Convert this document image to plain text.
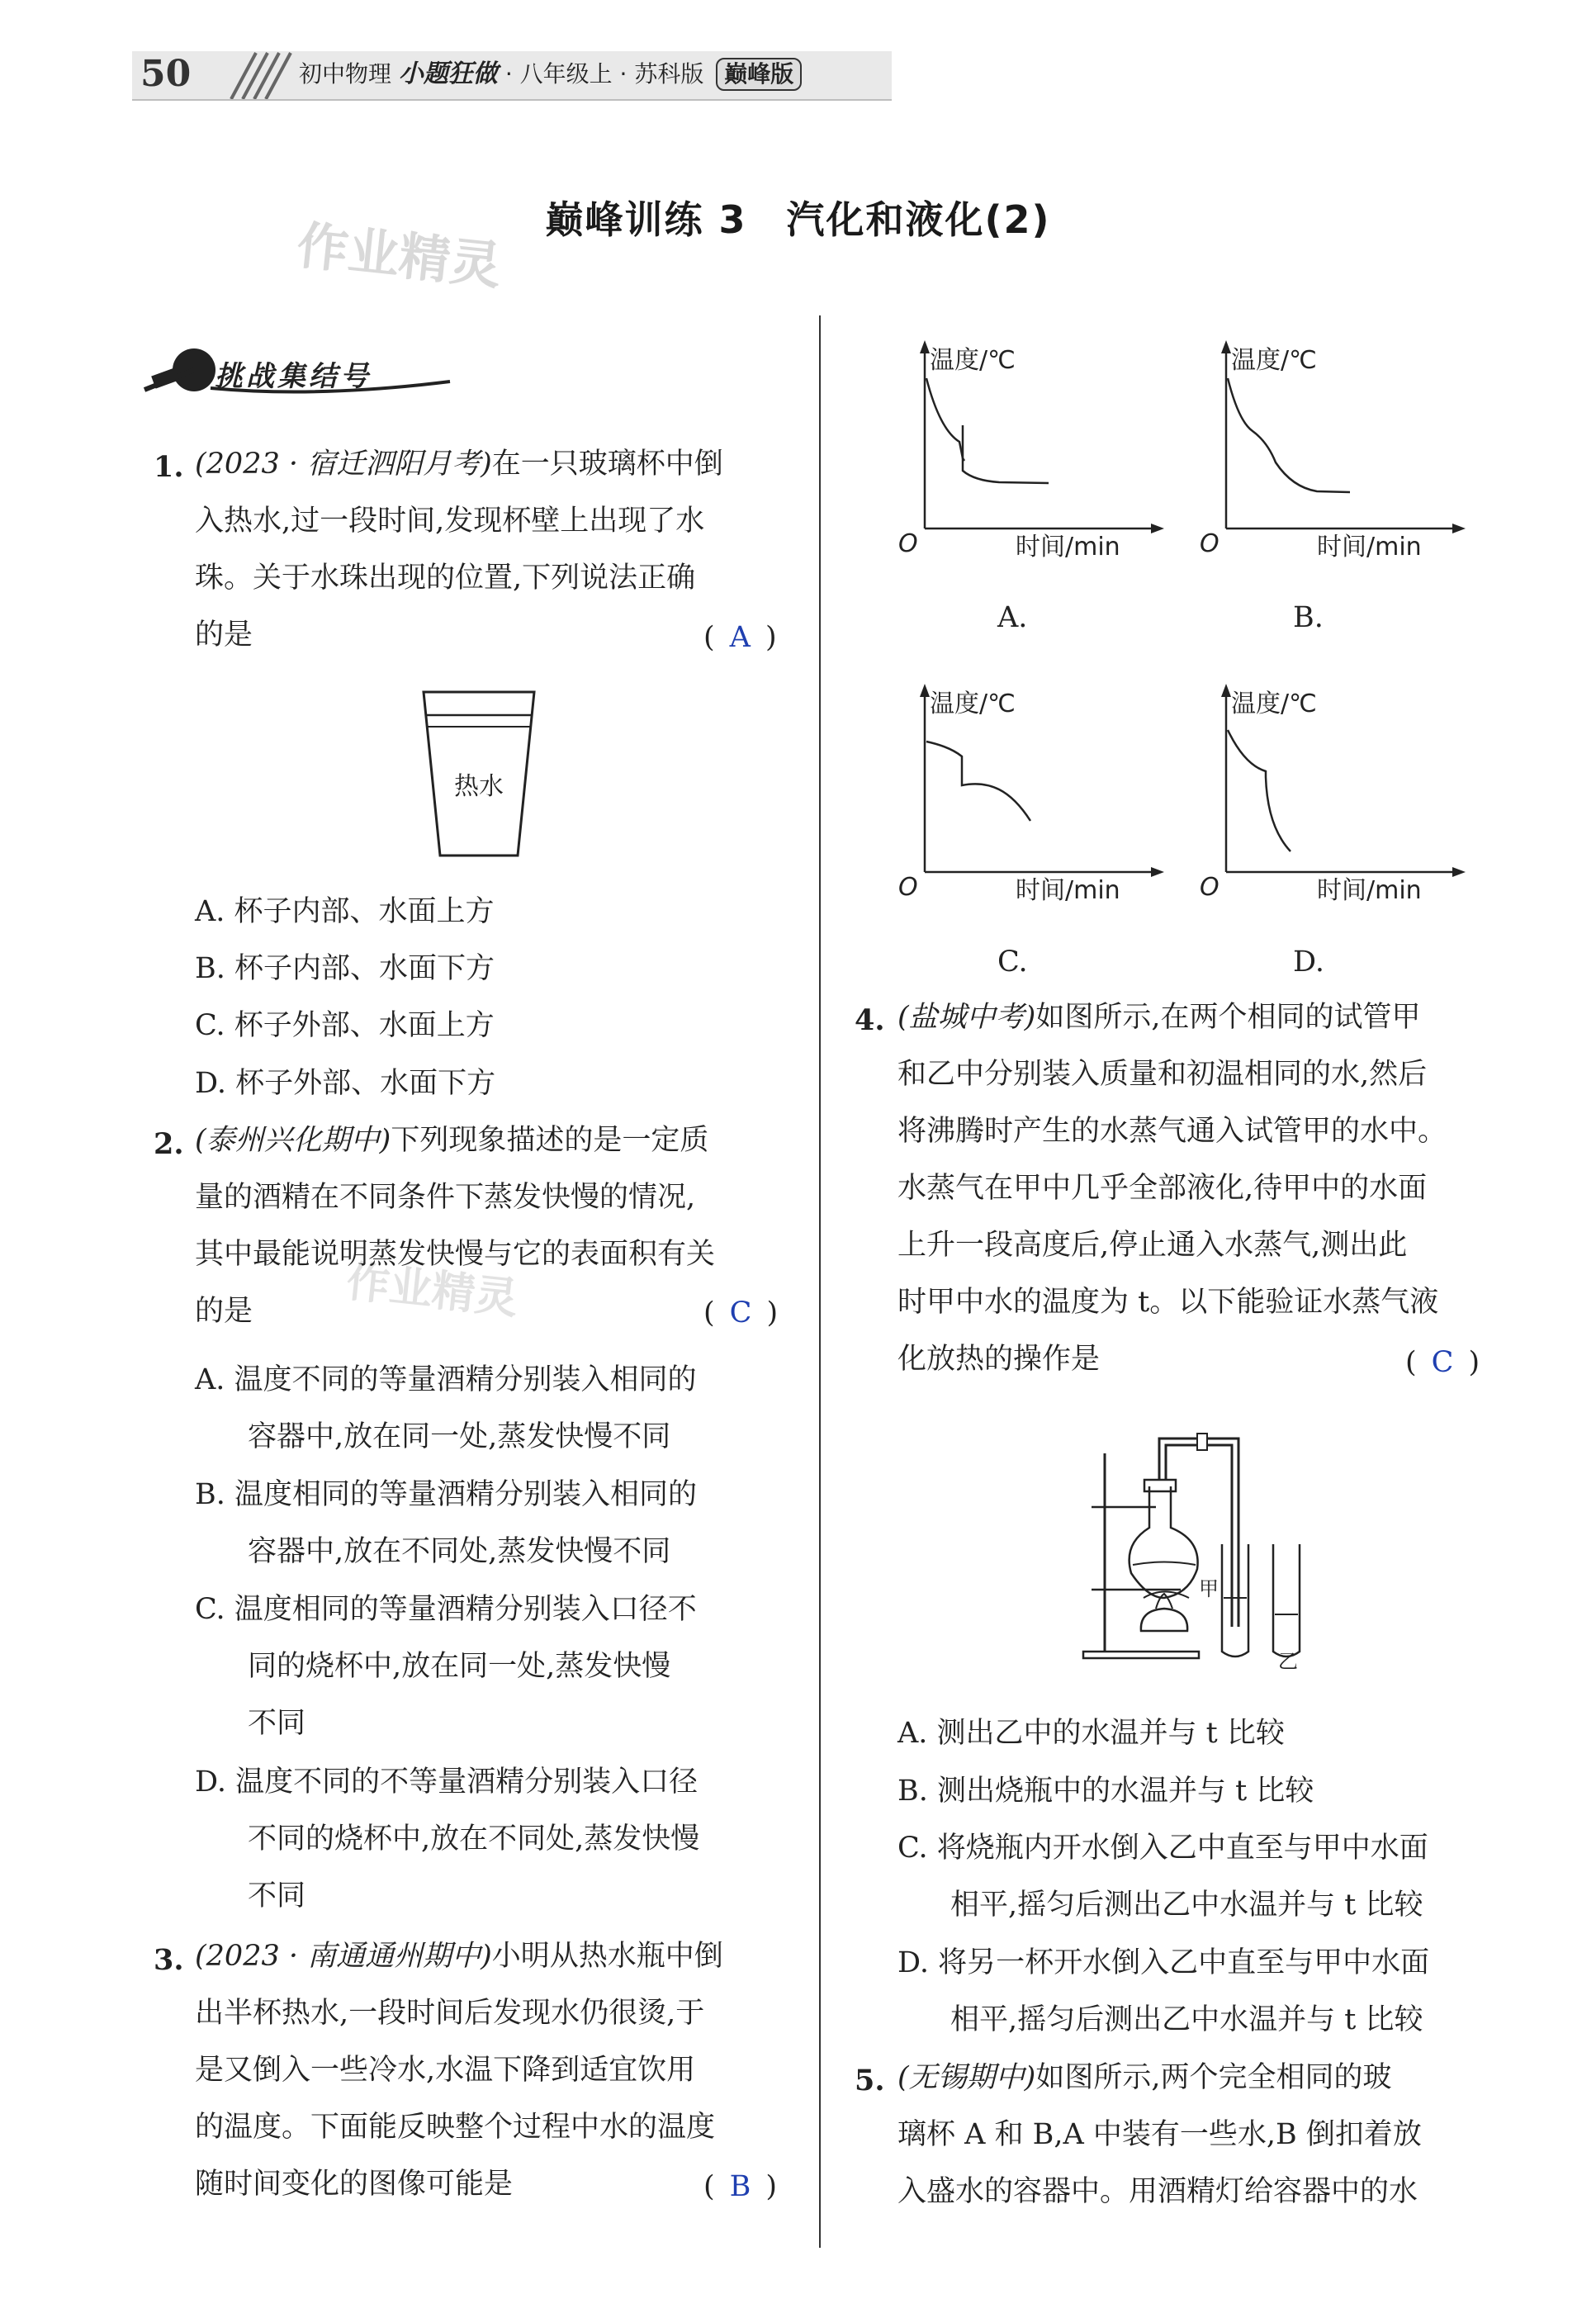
50	初中物理 小题狂做 · 八年级上 · 苏科版 巅峰版
巅峰训练 3　汽化和液化(2)
作业精灵
作业精灵
挑战集结号
1. (2023 · 宿迁泗阳月考)在一只玻璃杯中倒
入热水,过一段时间,发现杯壁上出现了水
珠。关于水珠出现的位置,下列说法正确
的是	( A )
热水
A. 杯子内部、水面上方
B. 杯子内部、水面下方
C. 杯子外部、水面上方
D. 杯子外部、水面下方
2. (泰州兴化期中)下列现象描述的是一定质
量的酒精在不同条件下蒸发快慢的情况,
其中最能说明蒸发快慢与它的表面积有关
的是	( C )
A. 温度不同的等量酒精分别装入相同的
容器中,放在同一处,蒸发快慢不同
B. 温度相同的等量酒精分别装入相同的
容器中,放在不同处,蒸发快慢不同
C. 温度相同的等量酒精分别装入口径不
同的烧杯中,放在同一处,蒸发快慢
不同
D. 温度不同的不等量酒精分别装入口径
不同的烧杯中,放在不同处,蒸发快慢
不同
3. (2023 · 南通通州期中)小明从热水瓶中倒
出半杯热水,一段时间后发现水仍很烫,于
是又倒入一些冷水,水温下降到适宜饮用
的温度。下面能反映整个过程中水的温度
随时间变化的图像可能是	( B )
温度/℃
O	时间/min
A.
温度/℃
O	时间/min
B.
温度/℃
O	时间/min
C.
温度/℃
O	时间/min
D.
4. (盐城中考)如图所示,在两个相同的试管甲
和乙中分别装入质量和初温相同的水,然后
将沸腾时产生的水蒸气通入试管甲的水中。
水蒸气在甲中几乎全部液化,待甲中的水面
上升一段高度后,停止通入水蒸气,测出此
时甲中水的温度为 t。以下能验证水蒸气液
化放热的操作是	( C )
甲
乙
A. 测出乙中的水温并与 t 比较
B. 测出烧瓶中的水温并与 t 比较
C. 将烧瓶内开水倒入乙中直至与甲中水面
相平,摇匀后测出乙中水温并与 t 比较
D. 将另一杯开水倒入乙中直至与甲中水面
相平,摇匀后测出乙中水温并与 t 比较
5. (无锡期中)如图所示,两个完全相同的玻
璃杯 A 和 B,A 中装有一些水,B 倒扣着放
入盛水的容器中。用酒精灯给容器中的水
